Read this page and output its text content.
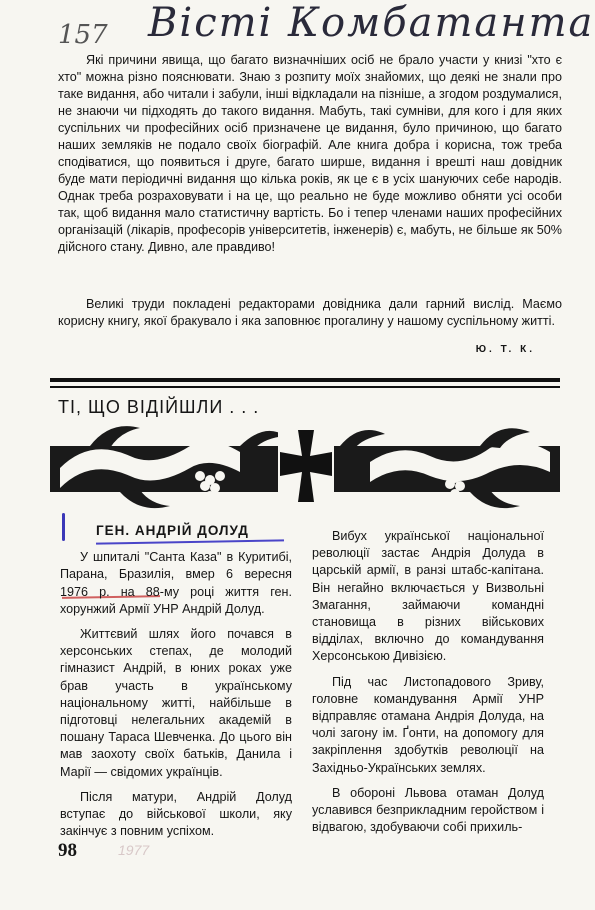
157 Вісті Комбатанта

Які причини явища, що багато визначніших осіб не брало участи у книзі "хто є хто" можна різно пояснювати. Знаю з розпиту моїх знайомих, що деякі не знали про таке видання, або читали і забули, інші відкладали на пізніше, а згодом роздумалися, не знаючи чи підходять до такого видання. Мабуть, такі сумніви, для кого і для яких суспільних чи професійних осіб призначене це видання, було причиною, що багато наших земляків не подало своїх біографій. Але книга добра і корисна, тож треба сподіватися, що появиться і друге, багато ширше, видання і врешті наш довідник буде мати періодичні видання що кілька років, як це є в усіх шануючих себе народів. Однак треба розраховувати і на це, що реально не буде можливо обняти усі особи так, щоб видання мало статистичну вартість. Бо і тепер членами наших професійних організацій (лікарів, професорів університетів, інженерів) є, мабуть, не більше як 50% дійсного стану. Дивно, але правдиво!

Великі труди покладені редакторами довідника дали гарний вислід. Маємо корисну книгу, якої бракувало і яка заповнює прогалину у нашому суспільному житті.

Ю. Т. К.
ТІ, ЩО ВІДІЙШЛИ . . .

ГЕН. АНДРІЙ ДОЛУД

У шпиталі "Санта Каза" в Куритибі, Парана, Бразилія, вмер 6 вересня 1976 р. на 88-му році життя ген. хорунжий Армії УНР Андрій Долуд.

Життєвий шлях його почався в херсонських степах, де молодий гімназист Андрій, в юних роках уже брав участь в українському національному житті, найбільше в підготовці нелегальних академій в пошану Тараса Шевченка. До цього він мав заохоту своїх батьків, Данила і Марії — свідомих українців.

Після матури, Андрій Долуд вступає до військової школи, яку закінчує з повним успіхом.

Вибух української національної революції застає Андрія Долуда в царській армії, в ранзі штабс-капітана. Він негайно включається у Визвольні Змагання, займаючи командні становища в різних військових відділах, включно до командування Херсонською Дивізією.

Під час Листопадового Зриву, головне командування Армії УНР відправляє отамана Андрія Долуда, на чолі загону ім. Ґонти, на допомогу для закріплення здобутків революції на Західньо-Українських землях.

В обороні Львова отаман Долуд уславився безприкладним геройством і відвагою, здобуваючи собі прихиль-

98	1977
